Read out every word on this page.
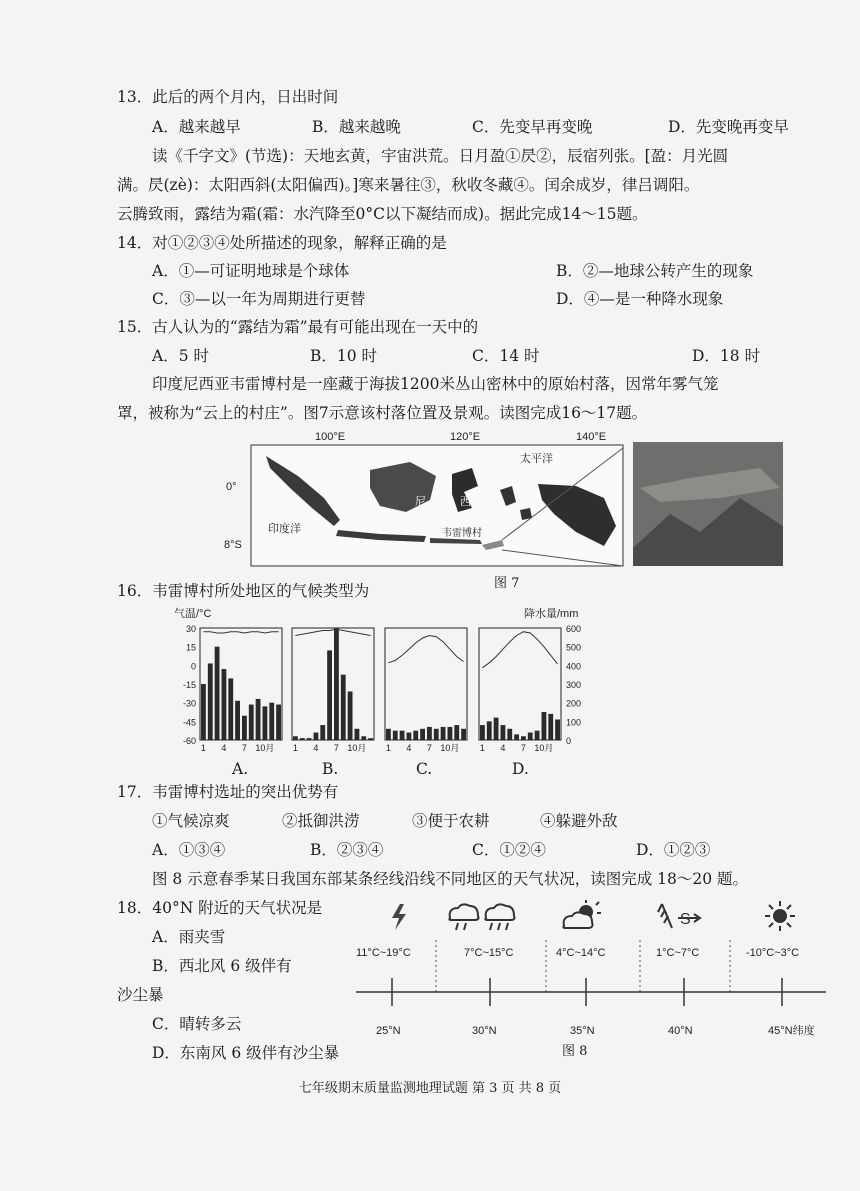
13．此后的两个月内，日出时间
A．越来越早	B．越来越晚	C．先变早再变晚	D．先变晚再变早
读《千字文》(节选)：天地玄黄，宇宙洪荒。日月盈①昃②，辰宿列张。[盈：月光圆
满。昃(zè)：太阳西斜(太阳偏西)。]寒来暑往③，秋收冬藏④。闰余成岁，律吕调阳。
云腾致雨，露结为霜(霜：水汽降至0°C以下凝结而成)。据此完成14～15题。
14．对①②③④处所描述的现象，解释正确的是
A．①—可证明地球是个球体	B．②—地球公转产生的现象
C．③—以一年为周期进行更替	D．④—是一种降水现象
15．古人认为的“露结为霜”最有可能出现在一天中的
A．5 时	B．10 时	C．14 时	D．18 时
印度尼西亚韦雷博村是一座藏于海拔1200米丛山密林中的原始村落，因常年雾气笼
罩，被称为“云上的村庄”。图7示意该村落位置及景观。读图完成16～17题。
100°E	120°E	140°E
0°
8°S
太平洋
印度洋
尼	西
韦雷博村
图 7
16．韦雷博村所处地区的气候类型为
气温/°C	降水量/mm
30
15
0
-15
-30
-45
-60
600
500
400
300
200
100
0
1 4 7 10月 1 4 7 10月 1 4 7 10月 1 4 7 10月
A.	B.	C.	D.
17．韦雷博村选址的突出优势有
①气候凉爽	②抵御洪涝	③便于农耕	④躲避外敌
A．①③④	B．②③④	C．①②④	D．①②③
图 8 示意春季某日我国东部某条经线沿线不同地区的天气状况，读图完成 18～20 题。
18．40°N 附近的天气状况是
A．雨夹雪
B．西北风 6 级伴有
沙尘暴
C．晴转多云
D．东南风 6 级伴有沙尘暴
S
11°C~19°C	7°C~15°C	4°C~14°C	1°C~7°C	-10°C~3°C
25°N	30°N	35°N	40°N	45°N纬度
图 8
七年级期末质量监测地理试题 第 3 页 共 8 页
